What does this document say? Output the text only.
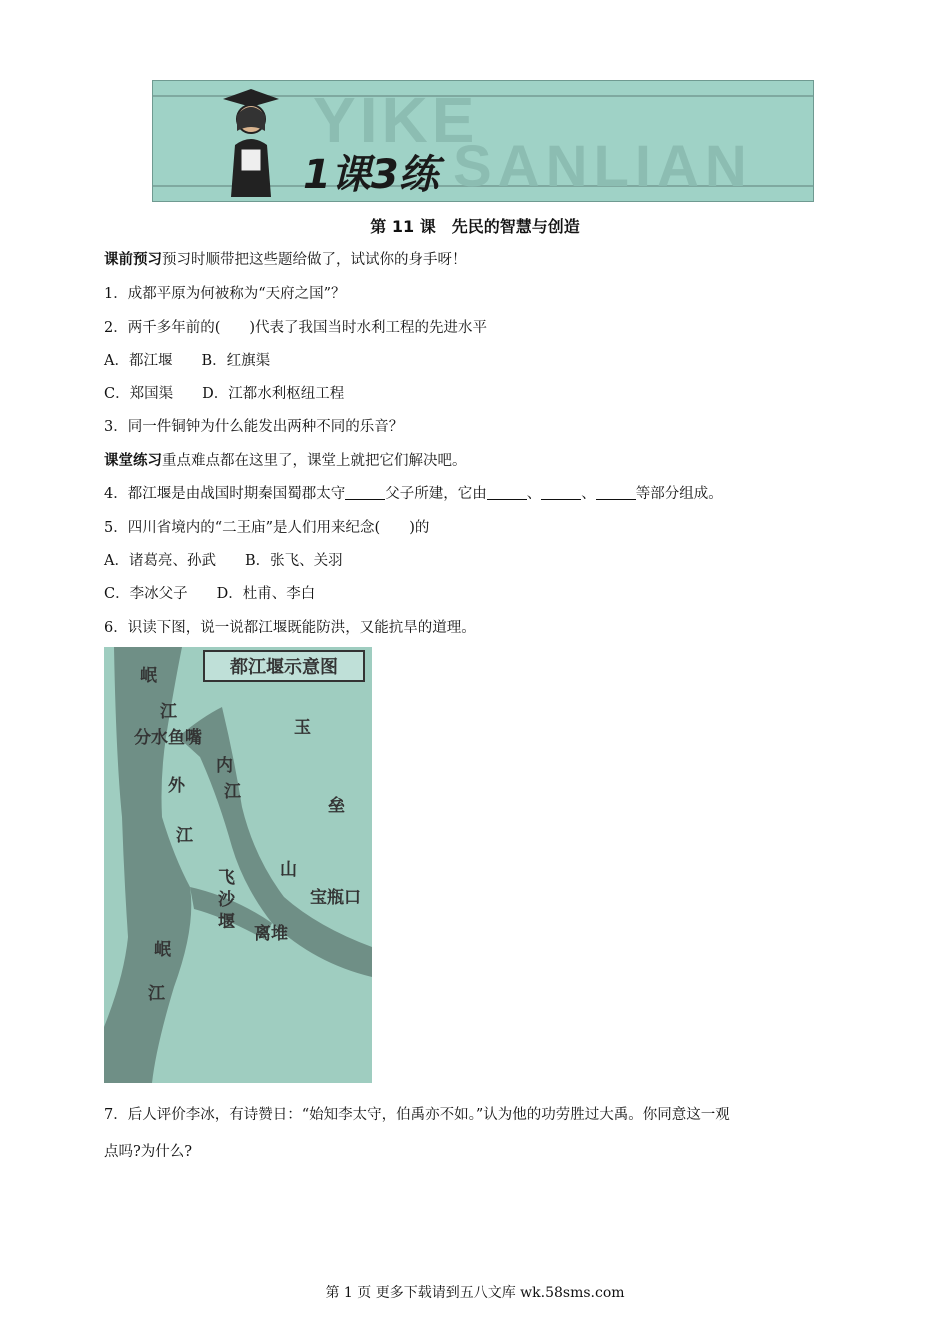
YIKE
SANLIAN
1课3练
第 11 课　先民的智慧与创造
课前预习预习时顺带把这些题给做了，试试你的身手呀！
1．成都平原为何被称为“天府之国”？
2．两千多年前的(　　)代表了我国当时水利工程的先进水平
A．都江堰　　B．红旗渠
C．郑国渠　　D．江都水利枢纽工程
3．同一件铜钟为什么能发出两种不同的乐音？
课堂练习重点难点都在这里了，课堂上就把它们解决吧。
4．都江堰是由战国时期秦国蜀郡太守	父子所建，它由	、	、	等部分组成。
5．四川省境内的“二王庙”是人们用来纪念(　　)的
A．诸葛亮、孙武　　B．张飞、关羽
C．李冰父子　　D．杜甫、李白
6．识读下图，说一说都江堰既能防洪，又能抗旱的道理。
都江堰示意图
岷
江
分水鱼嘴
内
江
外
江
玉
垒
山
飞
沙
堰
宝瓶口
离堆
岷
江
7．后人评价李冰，有诗赞日：“始知李太守，伯禹亦不如。”认为他的功劳胜过大禹。你同意这一观
点吗?为什么?
第 1 页 更多下载请到五八文库 wk.58sms.com
